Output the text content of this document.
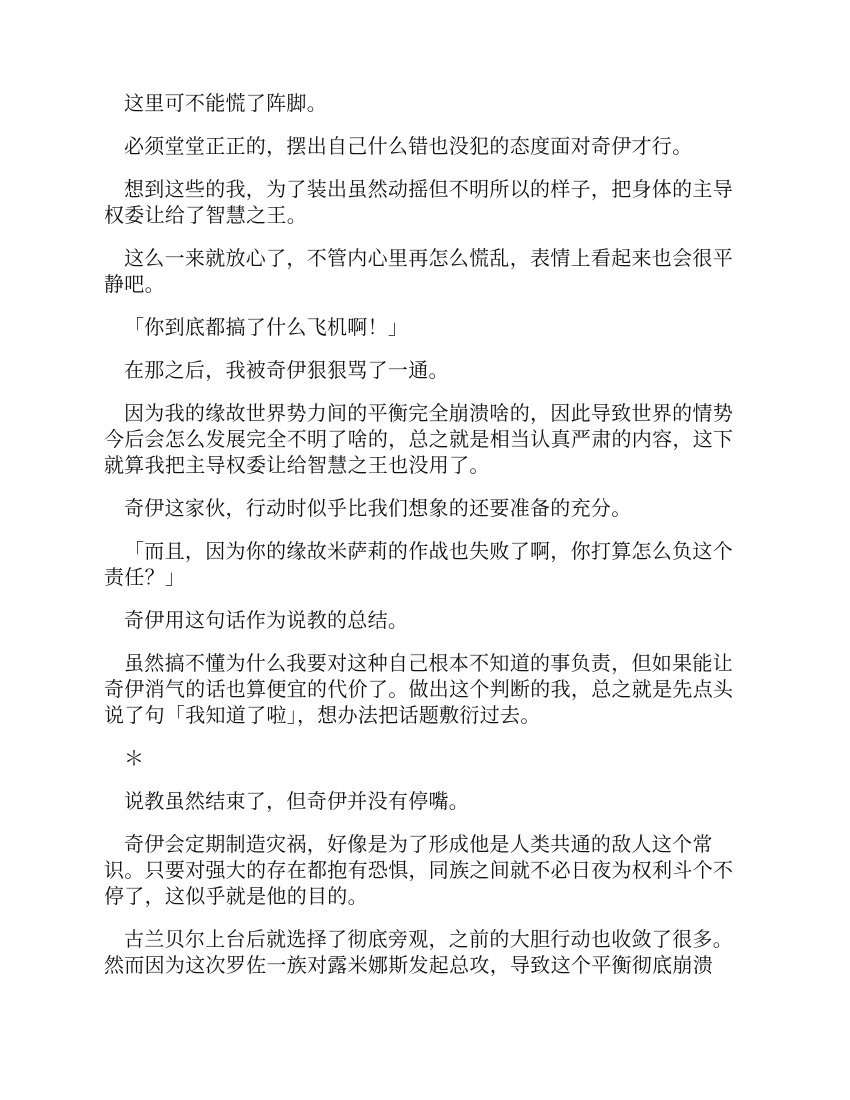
这里可不能慌了阵脚。

必须堂堂正正的，摆出自己什么错也没犯的态度面对奇伊才行。

想到这些的我，为了装出虽然动摇但不明所以的样子，把身体的主导权委让给了智慧之王。

这么一来就放心了，不管内心里再怎么慌乱，表情上看起来也会很平静吧。

「你到底都搞了什么飞机啊！」

在那之后，我被奇伊狠狠骂了一通。

因为我的缘故世界势力间的平衡完全崩溃啥的，因此导致世界的情势今后会怎么发展完全不明了啥的，总之就是相当认真严肃的内容，这下就算我把主导权委让给智慧之王也没用了。

奇伊这家伙，行动时似乎比我们想象的还要准备的充分。

「而且，因为你的缘故米萨莉的作战也失败了啊，你打算怎么负这个责任？」

奇伊用这句话作为说教的总结。

虽然搞不懂为什么我要对这种自己根本不知道的事负责，但如果能让奇伊消气的话也算便宜的代价了。做出这个判断的我，总之就是先点头说了句「我知道了啦」，想办法把话题敷衍过去。

＊

说教虽然结束了，但奇伊并没有停嘴。

奇伊会定期制造灾祸，好像是为了形成他是人类共通的敌人这个常识。只要对强大的存在都抱有恐惧，同族之间就不必日夜为权利斗个不停了，这似乎就是他的目的。

古兰贝尔上台后就选择了彻底旁观，之前的大胆行动也收敛了很多。然而因为这次罗佐一族对露米娜斯发起总攻，导致这个平衡彻底崩溃
